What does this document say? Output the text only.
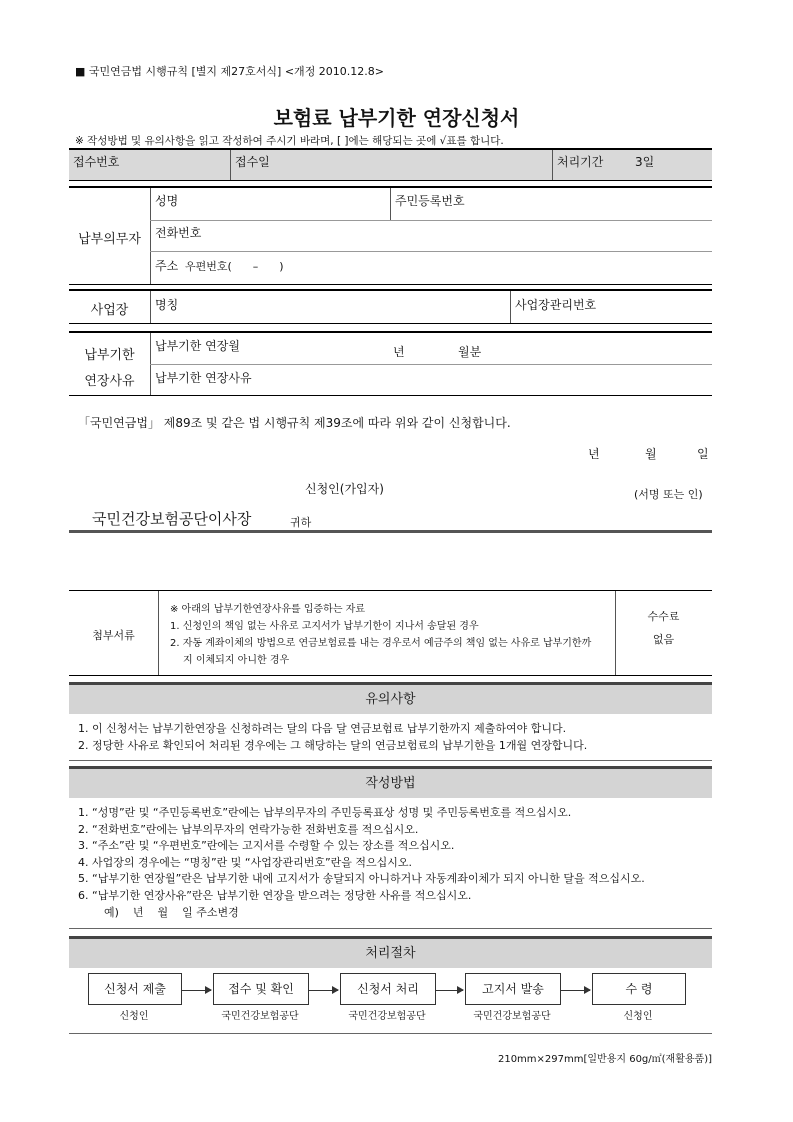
■ 국민연금법 시행규칙 [별지 제27호서식] <개정 2010.12.8>
보험료 납부기한 연장신청서
※ 작성방법 및 유의사항을 읽고 작성하여 주시기 바라며, [ ]에는 해당되는 곳에 √표를 합니다.
접수번호	접수일	처리기간	3일
납부의무자
성명	주민등록번호
전화번호
주소 우편번호(      –      )
사업장	명칭	사업장관리번호
납부기한
연장사유
납부기한 연장월	년	월분
납부기한 연장사유
「국민연금법」 제89조 및 같은 법 시행규칙 제39조에 따라 위와 같이 신청합니다.
년	월	일
신청인(가입자)	(서명 또는 인)
국민건강보험공단이사장	귀하
첨부서류
※ 아래의 납부기한연장사유를 입증하는 자료
1. 신청인의 책임 없는 사유로 고지서가 납부기한이 지나서 송달된 경우
2. 자동 계좌이체의 방법으로 연금보험료를 내는 경우로서 예금주의 책임 없는 사유로 납부기한까
지 이체되지 아니한 경우
수수료
없음
유의사항
1. 이 신청서는 납부기한연장을 신청하려는 달의 다음 달 연금보험료 납부기한까지 제출하여야 합니다.
2. 정당한 사유로 확인되어 처리된 경우에는 그 해당하는 달의 연금보험료의 납부기한을 1개월 연장합니다.
작성방법
1. “성명”란 및 “주민등록번호”란에는 납부의무자의 주민등록표상 성명 및 주민등록번호를 적으십시오.
2. “전화번호”란에는 납부의무자의 연락가능한 전화번호를 적으십시오.
3. “주소”란 및 “우편번호”란에는 고지서를 수령할 수 있는 장소를 적으십시오.
4. 사업장의 경우에는 “명칭”란 및 “사업장관리번호”란을 적으십시오.
5. “납부기한 연장월”란은 납부기한 내에 고지서가 송달되지 아니하거나 자동계좌이체가 되지 아니한 달을 적으십시오.
6. “납부기한 연장사유”란은 납부기한 연장을 받으려는 정당한 사유를 적으십시오.
예)    년    월    일 주소변경
처리절차
신청서 제출
신청인
접수 및 확인
국민건강보험공단
신청서 처리
국민건강보험공단
고지서 발송
국민건강보험공단
수 령
신청인
210mm×297mm[일반용지 60g/㎡(재활용품)]
